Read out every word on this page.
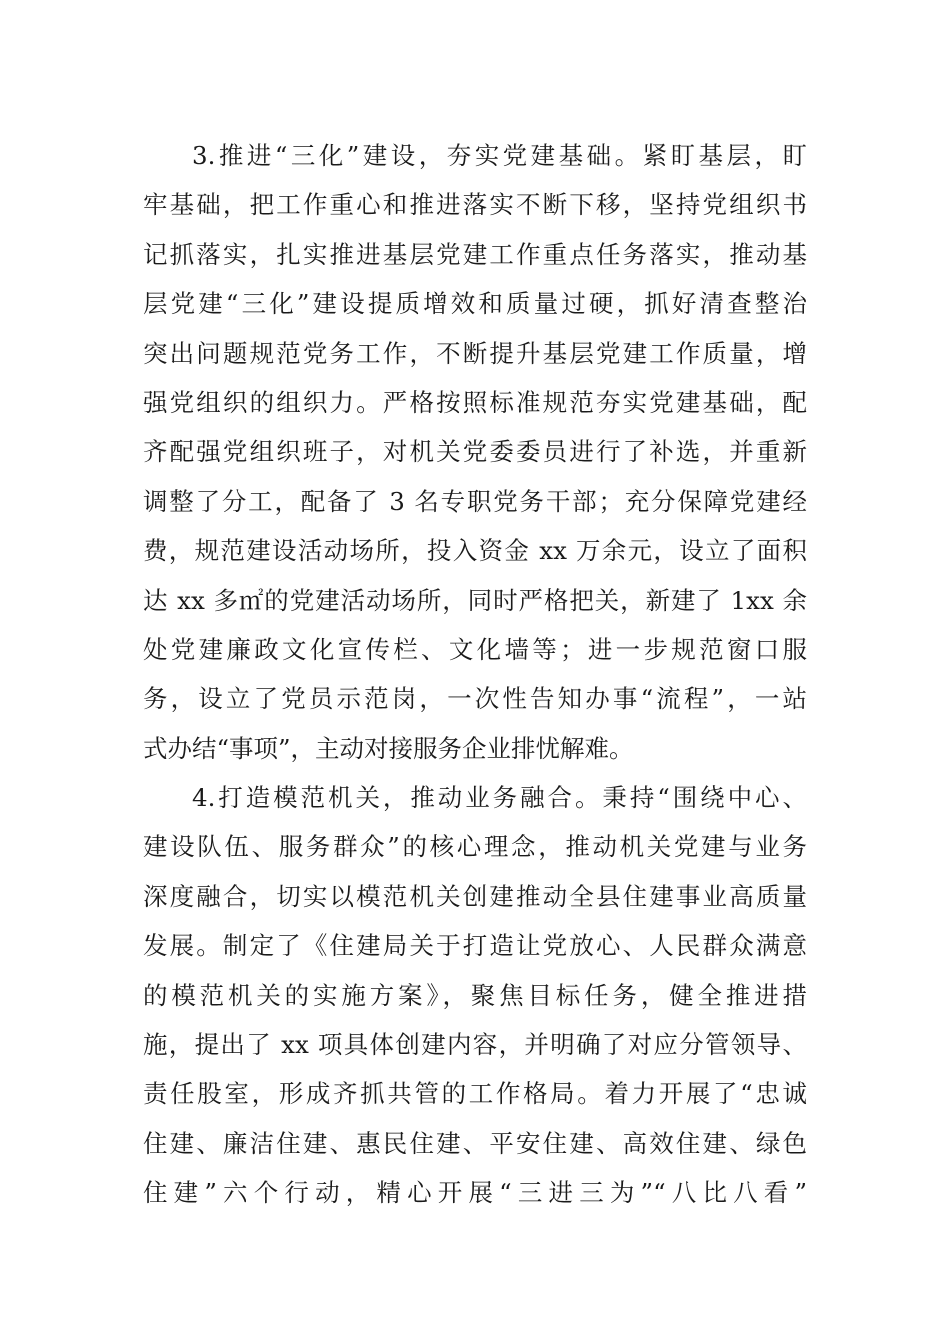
3.推进“三化”建设，夯实党建基础。紧盯基层，盯
牢基础，把工作重心和推进落实不断下移，坚持党组织书
记抓落实，扎实推进基层党建工作重点任务落实，推动基
层党建“三化”建设提质增效和质量过硬，抓好清查整治
突出问题规范党务工作，不断提升基层党建工作质量，增
强党组织的组织力。严格按照标准规范夯实党建基础，配
齐配强党组织班子，对机关党委委员进行了补选，并重新
调整了分工，配备了 3 名专职党务干部；充分保障党建经
费，规范建设活动场所，投入资金 xx 万余元，设立了面积
达 xx 多㎡的党建活动场所，同时严格把关，新建了 1xx 余
处党建廉政文化宣传栏、文化墙等；进一步规范窗口服
务，设立了党员示范岗，一次性告知办事“流程”，一站
式办结“事项”，主动对接服务企业排忧解难。
4.打造模范机关，推动业务融合。秉持“围绕中心、
建设队伍、服务群众”的核心理念，推动机关党建与业务
深度融合，切实以模范机关创建推动全县住建事业高质量
发展。制定了《住建局关于打造让党放心、人民群众满意
的模范机关的实施方案》，聚焦目标任务，健全推进措
施，提出了 xx 项具体创建内容，并明确了对应分管领导、
责任股室，形成齐抓共管的工作格局。着力开展了“忠诚
住建、廉洁住建、惠民住建、平安住建、高效住建、绿色
住建”六个行动，精心开展“三进三为”“八比八看”
